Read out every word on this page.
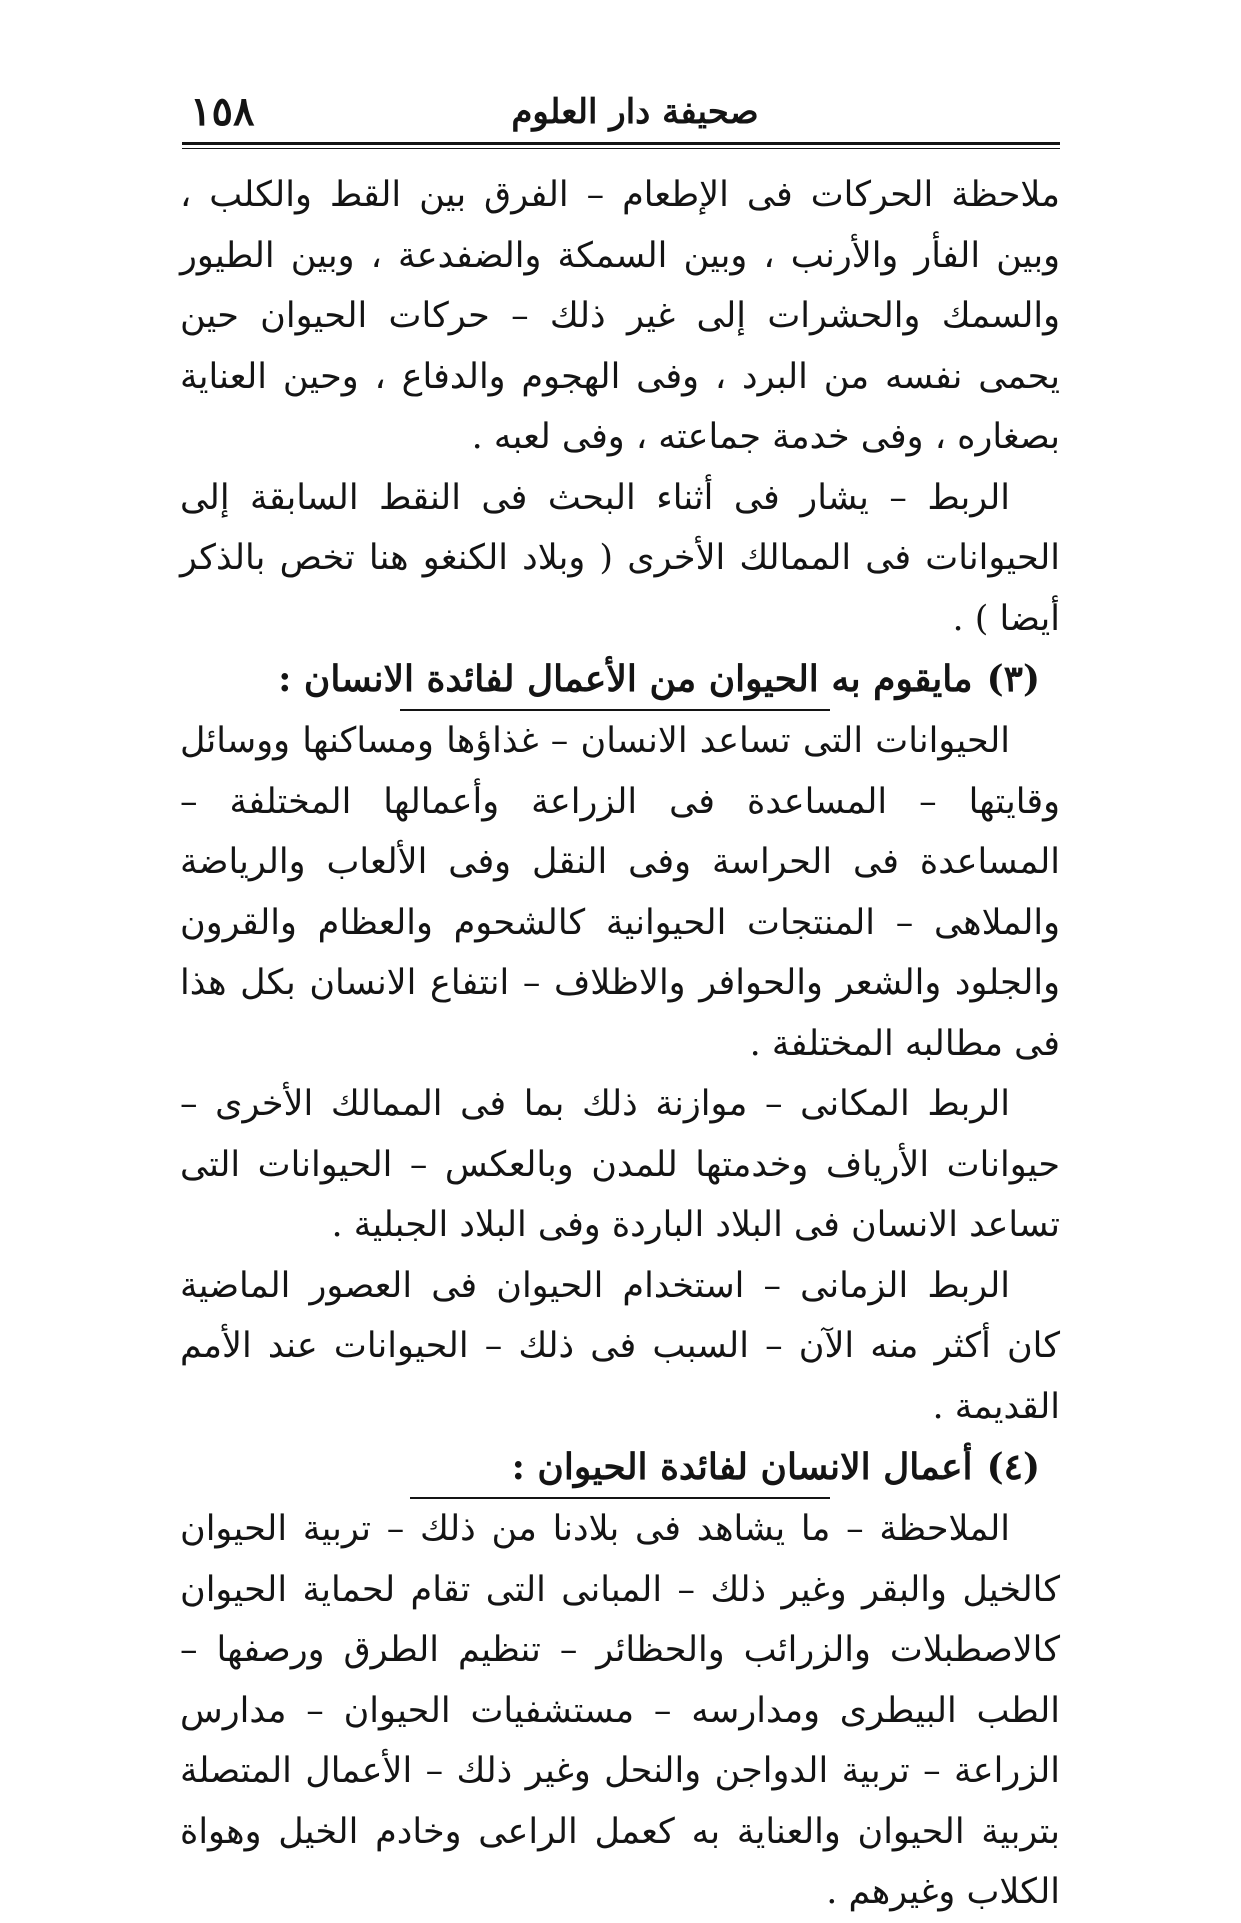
١٥٨	صحيفة دار العلوم

ملاحظة الحركات فى الإطعام – الفرق بين القط والكلب ، وبين الفأر والأرنب ، وبين السمكة والضفدعة ، وبين الطيور والسمك والحشرات إلى غير ذلك – حركات الحيوان حين يحمى نفسه من البرد ، وفى الهجوم والدفاع ، وحين العناية بصغاره ، وفى خدمة جماعته ، وفى لعبه .

الربط – يشار فى أثناء البحث فى النقط السابقة إلى الحيوانات فى الممالك الأخرى ( وبلاد الكنغو هنا تخص بالذكر أيضا ) .

(٣)مايقوم به الحيوان من الأعمال لفائدة الانسان :

الحيوانات التى تساعد الانسان – غذاؤها ومساكنها ووسائل وقايتها – المساعدة فى الزراعة وأعمالها المختلفة – المساعدة فى الحراسة وفى النقل وفى الألعاب والرياضة والملاهى – المنتجات الحيوانية كالشحوم والعظام والقرون والجلود والشعر والحوافر والاظلاف – انتفاع الانسان بكل هذا فى مطالبه المختلفة .

الربط المكانى – موازنة ذلك بما فى الممالك الأخرى – حيوانات الأرياف وخدمتها للمدن وبالعكس – الحيوانات التى تساعد الانسان فى البلاد الباردة وفى البلاد الجبلية .

الربط الزمانى – استخدام الحيوان فى العصور الماضية كان أكثر منه الآن – السبب فى ذلك – الحيوانات عند الأمم القديمة .

(٤)أعمال الانسان لفائدة الحيوان :

الملاحظة – ما يشاهد فى بلادنا من ذلك – تربية الحيوان كالخيل والبقر وغير ذلك – المبانى التى تقام لحماية الحيوان كالاصطبلات والزرائب والحظائر – تنظيم الطرق ورصفها – الطب البيطرى ومدارسه – مستشفيات الحيوان – مدارس الزراعة – تربية الدواجن والنحل وغير ذلك – الأعمال المتصلة بتربية الحيوان والعناية به كعمل الراعى وخادم الخيل وهواة الكلاب وغيرهم .
